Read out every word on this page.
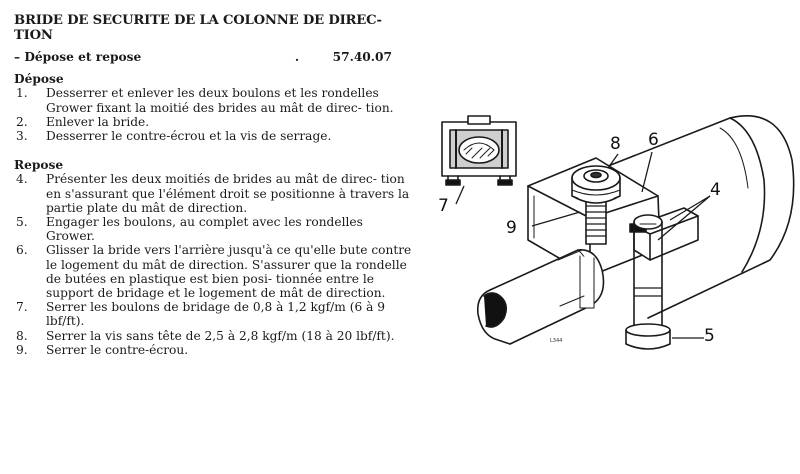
BRIDE DE SECURITE DE LA COLONNE DE DIREC-
TION
– Dépose et repose	.	57.40.07
Dépose
1.	Desserrer et enlever les deux boulons et les rondelles Grower fixant la moitié des brides au mât de direc- tion.
2.	Enlever la bride.
3.	Desserrer le contre-écrou et la vis de serrage.
Repose
4.	Présenter les deux moitiés de brides au mât de direc- tion en s'assurant que l'élément droit se positionne à travers la partie plate du mât de direction.
5.	Engager les boulons, au complet avec les rondelles Grower.
6.	Glisser la bride vers l'arrière jusqu'à ce qu'elle bute contre le logement du mât de direction. S'assurer que la rondelle de butées en plastique est bien posi- tionnée entre le support de bridage et le logement de mât de direction.
7.	Serrer les boulons de bridage de 0,8 à 1,2 kgf/m (6 à 9 lbf/ft).
8.	Serrer la vis sans tête de 2,5 à 2,8 kgf/m (18 à 20 lbf/ft).
9.	Serrer le contre-écrou.
7
8 6
9
4
5
L344
